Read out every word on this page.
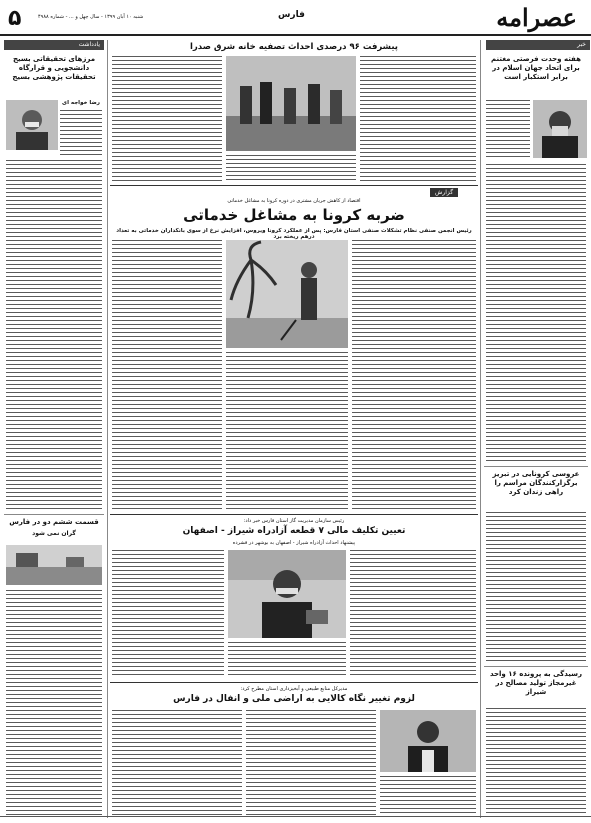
۵	شنبه ۱۰ آبان ۱۳۹۹ - سال چهل و ... - شماره ۴۹۸۸	فارس	عصرامه
یادداشت
مرزهای تحقیقاتی بسیج دانشجویی و قرارگاه تحقیقات پژوهشی بسیج
رضا خواجه ای
قسمت ششم دو در فارس
گران نمی شود
خبر
هفته وحدت فرصتی مغتنم برای اتحاد جهان اسلام در برابر استکبار است
عروسی کرونایی در تبریز برگزارکنندگان مراسم را راهی زندان کرد
رسیدگی به پرونده ۱۶ واحد غیرمجاز تولید مصالح در شیراز
پیشرفت ۹۶ درصدی احداث تصفیه خانه شرق صدرا
گزارش
اقتصاد از کاهش جریان مشتری در دوره کرونا به مشاغل خدماتی
ضربه کرونا به مشاغل خدماتی
رئیس انجمن صنفی نظام تشکلات صنفی استان فارس: پس از عملکرد کرونا ویروس، افزایش نرخ از سوی بانکداران خدماتی به تعداد درهم ریخته برد
رئیس سازمان مدیریت گاز استان فارس خبر داد:
تعیین تکلیف مالی ۷ قطعه آزادراه شیراز - اصفهان
پیشنهاد احداث آزادراه شیراز - اصفهان به بوشهر در فشرده
مدیرکل منابع طبیعی و آبخیزداری استان مطرح کرد:
لزوم تغییر نگاه کالایی به اراضی ملی و انفال در فارس
